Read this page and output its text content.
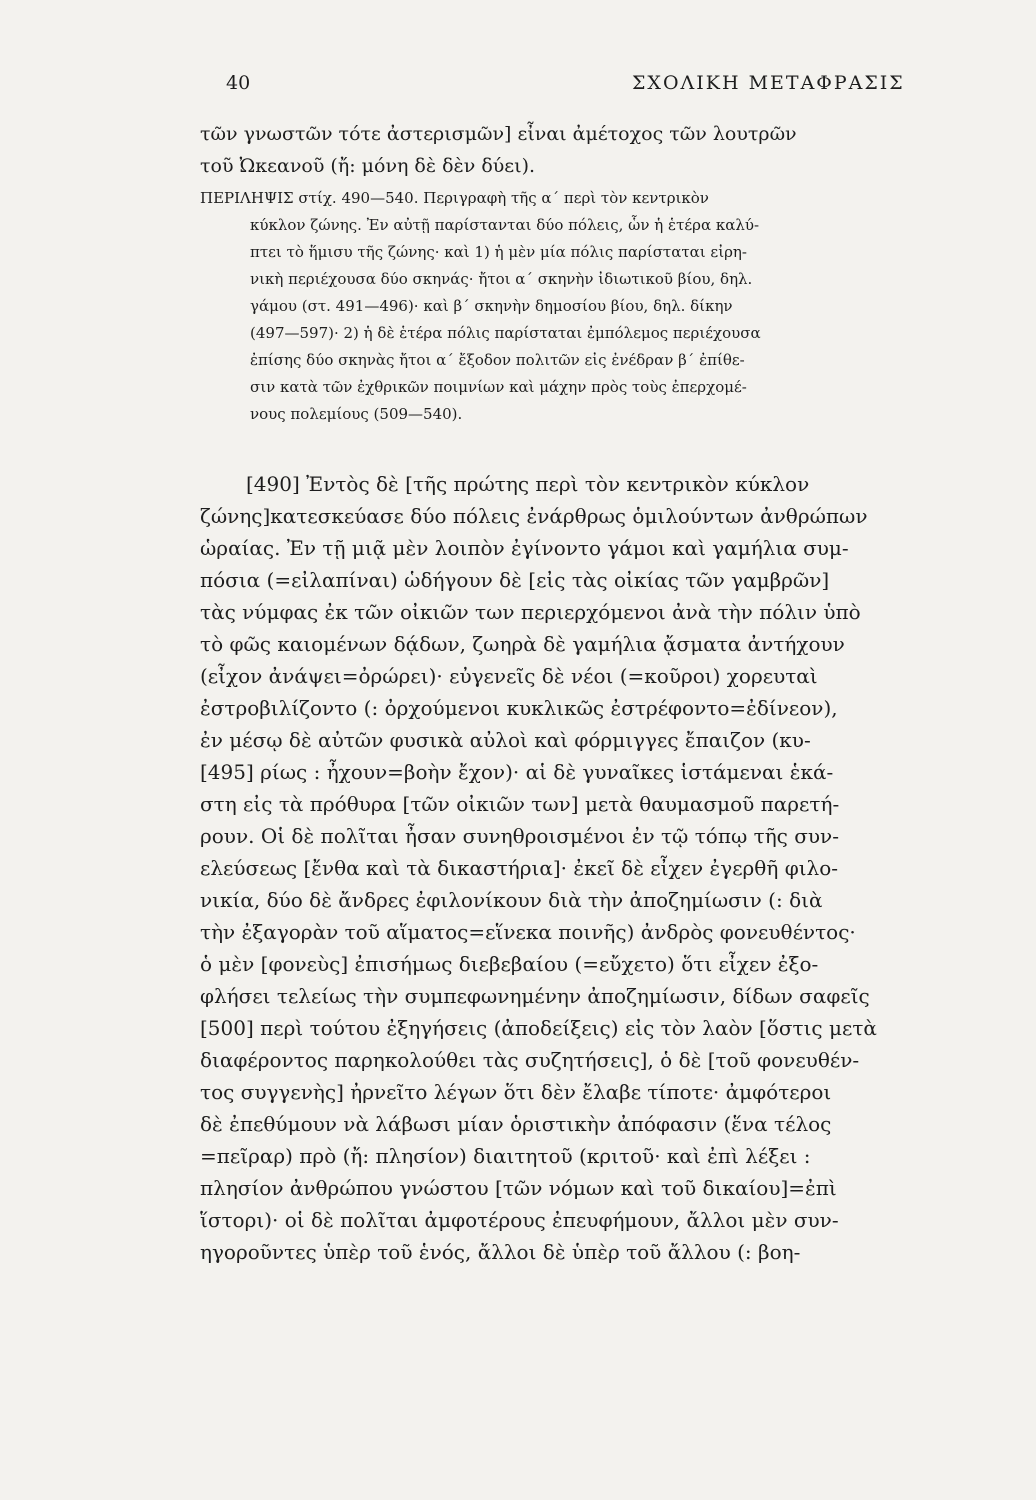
40	ΣΧΟΛΙΚΗ ΜΕΤΑΦΡΑΣΙΣ
τῶν γνωστῶν τότε ἀστερισμῶν] εἶναι ἀμέτοχος τῶν λουτρῶν
τοῦ Ὠκεανοῦ (ἤ: μόνη δὲ δὲν δύει).
ΠΕΡΙΛΗΨΙΣ στίχ. 490—540. Περιγραφὴ τῆς α΄ περὶ τὸν κεντρικὸν
κύκλον ζώνης. Ἐν αὐτῇ παρίστανται δύο πόλεις, ὧν ἡ ἑτέρα καλύ-
πτει τὸ ἥμισυ τῆς ζώνης· καὶ 1) ἡ μὲν μία πόλις παρίσταται εἰρη-
νικὴ περιέχουσα δύο σκηνάς· ἤτοι α΄ σκηνὴν ἰδιωτικοῦ βίου, δηλ.
γάμου (στ. 491—496)· καὶ β΄ σκηνὴν δημοσίου βίου, δηλ. δίκην
(497—597)· 2) ἡ δὲ ἑτέρα πόλις παρίσταται ἐμπόλεμος περιέχουσα
ἐπίσης δύο σκηνὰς ἤτοι α΄ ἔξοδον πολιτῶν εἰς ἐνέδραν β΄ ἐπίθε-
σιν κατὰ τῶν ἐχθρικῶν ποιμνίων καὶ μάχην πρὸς τοὺς ἐπερχομέ-
νους πολεμίους (509—540).
[490] Ἐντὸς δὲ [τῆς πρώτης περὶ τὸν κεντρικὸν κύκλον
ζώνης]κατεσκεύασε δύο πόλεις ἐνάρθρως ὁμιλούντων ἀνθρώπων
ὡραίας. Ἐν τῇ μιᾷ μὲν λοιπὸν ἐγίνοντο γάμοι καὶ γαμήλια συμ-
πόσια (=εἰλαπίναι) ὡδήγουν δὲ [εἰς τὰς οἰκίας τῶν γαμβρῶν]
τὰς νύμφας ἐκ τῶν οἰκιῶν των περιερχόμενοι ἀνὰ τὴν πόλιν ὑπὸ
τὸ φῶς καιομένων δᾴδων, ζωηρὰ δὲ γαμήλια ᾄσματα ἀντήχουν
(εἶχον ἀνάψει=ὀρώρει)· εὐγενεῖς δὲ νέοι (=κοῦροι) χορευταὶ
ἐστροβιλίζοντο (: ὀρχούμενοι κυκλικῶς ἐστρέφοντο=ἐδίνεον),
ἐν μέσῳ δὲ αὐτῶν φυσικὰ αὐλοὶ καὶ φόρμιγγες ἔπαιζον (κυ-
[495] ρίως : ἦχουν=βοὴν ἔχον)· αἱ δὲ γυναῖκες ἱστάμεναι ἑκά-
στη εἰς τὰ πρόθυρα [τῶν οἰκιῶν των] μετὰ θαυμασμοῦ παρετή-
ρουν. Οἱ δὲ πολῖται ἦσαν συνηθροισμένοι ἐν τῷ τόπῳ τῆς συν-
ελεύσεως [ἔνθα καὶ τὰ δικαστήρια]· ἐκεῖ δὲ εἶχεν ἐγερθῆ φιλο-
νικία, δύο δὲ ἄνδρες ἐφιλονίκουν διὰ τὴν ἀποζημίωσιν (: διὰ
τὴν ἐξαγορὰν τοῦ αἵματος=εἵνεκα ποινῆς) ἀνδρὸς φονευθέντος·
ὁ μὲν [φονεὺς] ἐπισήμως διεβεβαίου (=εὔχετο) ὅτι εἶχεν ἐξο-
φλήσει τελείως τὴν συμπεφωνημένην ἀποζημίωσιν, δίδων σαφεῖς
[500] περὶ τούτου ἐξηγήσεις (ἀποδείξεις) εἰς τὸν λαὸν [ὅστις μετὰ
διαφέροντος παρηκολούθει τὰς συζητήσεις], ὁ δὲ [τοῦ φονευθέν-
τος συγγενὴς] ἠρνεῖτο λέγων ὅτι δὲν ἔλαβε τίποτε· ἀμφότεροι
δὲ ἐπεθύμουν νὰ λάβωσι μίαν ὁριστικὴν ἀπόφασιν (ἕνα τέλος
=πεῖραρ) πρὸ (ἤ: πλησίον) διαιτητοῦ (κριτοῦ· καὶ ἐπὶ λέξει :
πλησίον ἀνθρώπου γνώστου [τῶν νόμων καὶ τοῦ δικαίου]=ἐπὶ
ἵστορι)· οἱ δὲ πολῖται ἀμφοτέρους ἐπευφήμουν, ἄλλοι μὲν συν-
ηγοροῦντες ὑπὲρ τοῦ ἑνός, ἄλλοι δὲ ὑπὲρ τοῦ ἄλλου (: βοη-
